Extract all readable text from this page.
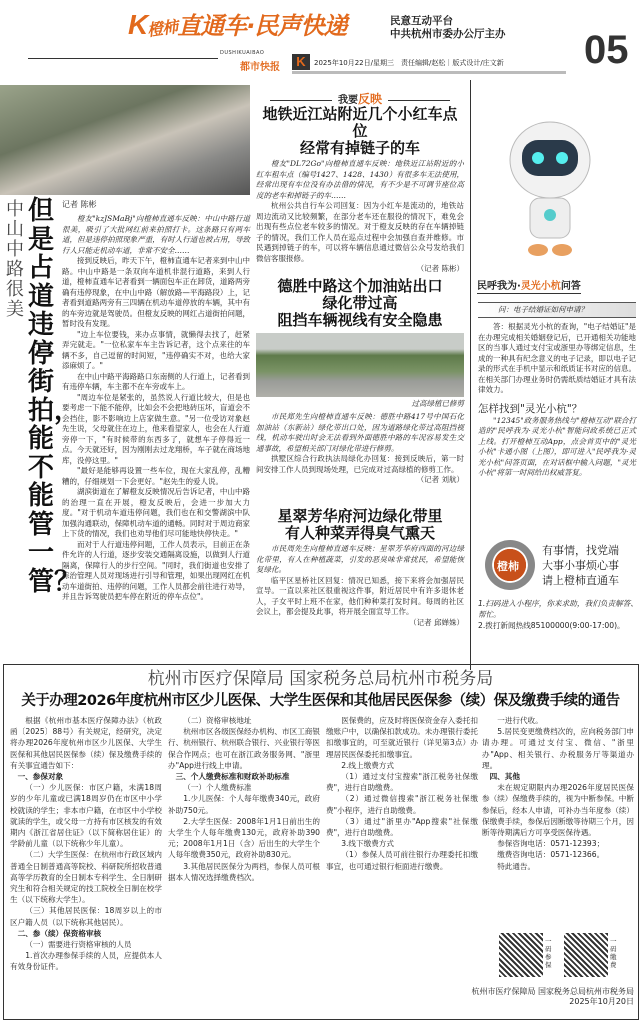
K橙柿直通车·民声快递	民意互动平台
中共杭州市委办公厅主办 05
DUSHIKUAIBAO
都市快报	K	2025年10月22日/星期三　责任编辑/赵松｜版式设计/庄文新
中山中路很美
但是占道违停街拍，能不能管一管？
记者 陈彬

橙友"kzJSMaBj"向橙柿直通车反映：中山中路行道很美，吸引了大批网红前来拍照打卡。这条路只有两车道，但是违停拍照现象严重，有时人行道也被占用，导致行人只能走机动车道，非常不安全……

接到反映后，昨天下午，橙柿直通车记者来到中山中路。中山中路是一条双向车道机非混行道路，来到人行道，橙柿直通车记者看到一辆面包车正在卸货，道路两旁确有违停现象，在中山中路（解放路—平海路段）上，记者看到道路两旁有三四辆在机动车道停放的车辆，其中有的车旁边就是驾驶员。但橙友反映的网红占道街拍问题，暂时没有发现。

"边上车位要钱，来办点事情，就懒得去找了，赶紧弄完就走。"一位私家车车主告诉记者，这个点来往的车辆不多，自己逗留的时间短，"违停确实不对，也给大家添麻烦了。"

在中山中路平海路路口东南侧的人行道上，记者看到有违停车辆，车主都不在车旁或车上。

"周边车位是紧张的，虽然说人行道比较大，但是也要考虑一下能不能停，比如会不会把地砖压坏，盲道会不会挡住，影不影响边上店家做生意。"另一位受访对象赵先生说，父母就住在边上，他来看望家人，也会在人行道旁停一下，"有时候带的东西多了，就想车子停得近一点。今天就还好，因为刚刚去过龙翔桥，车子就在商场地库，没停这里。"

"最好是能够再设置一些车位，现在大家乱停，乱糟糟的，仔细规划一下会更好。"赵先生的爱人说。

湖滨街道在了解橙友反映情况后告诉记者，中山中路的治理一直在开展，橙友反映后，会进一步加大力度。"对于机动车道违停问题，我们也在和交警湖滨中队加强沟通联动，保障机动车道的通畅。同时对于周边商家上下货的情况，我们也劝导他们尽可能地快停快走。"

而对于人行道违停问题，工作人员表示，目前正在条件允许的人行道，逐步安装交通隔离设施，以做到人行道隔离，保障行人的步行空间。"同时，我们街道也安排了综治管理人员对现场进行引导和管理，如果出现网红在机动车道街拍、违停的问题，工作人员都会前往进行劝导，并且告诉驾驶员把车停在附近的停车点位"。

我要反映
地铁近江站附近几个小红车点位
经常有掉链子的车

橙友"DL72Go"向橙柿直通车反映：地铁近江站附近的小红车租车点（编号1427、1428、1430）有很多车无法使用，经常出现有车位没有办法借的情况，有不少是不可调节座位高度的老车和掉链子的车……

杭州公共自行车公司回复：因为小红车是流动的，地铁站周边流动又比较频繁，在部分老车还在服役的情况下，难免会出现有些点位老车较多的情况。对于橙友反映的存在车辆掉链子的情况，我们工作人员在巡点过程中会加强自查并维修。市民遇到掉链子的车，可以将车辆信息通过微信公众号发给我们微信客服报修。

（记者 陈彬）
德胜中路这个加油站出口
绿化带过高
阻挡车辆视线有安全隐患
过高绿植已修剪

市民郑先生向橙柿直通车反映：德胜中路417号中国石化加油站（东新站）绿化带出口处，因为道路绿化带过高阻挡视线，机动车驶出时会无法看到外面德胜中路的车况容易发生交通事故，希望相关部门对绿化带进行修剪。

拱墅区综合行政执法局绿化办回复：接到反映后，第一时间安排工作人员到现场处理，已完成对过高绿植的修剪工作。

（记者 刘航）
星翠芳华府河边绿化带里
有人种菜弄得臭气熏天

市民周先生向橙柿直通车反映：星翠芳华府西面的河边绿化带里，有人在种植蔬菜，引发的恶臭味非常扰民，希望能恢复绿化。

临平区星桥社区回复：情况已知悉，接下来将会加强居民宣导。一直以来社区很重视这件事，附近居民中有许多退休老人，子女平时上班不在家，他们种种菜打发时间。每周的社区会议上，都会提及此事，将开展全面宣导工作。

（记者 邱婵姝）
民呼我为·灵光小杭问答
问：电子结婚证如何申请？

答：根据灵光小杭的查询，"电子结婚证"是在办理完成相关婚姻登记后，已开通相关功能地区的当事人通过支付宝或浙里办等绑定信息，生成的一种具有纪念意义的电子记录，即以电子记录的形式在手机中显示和纸质证书对应的信息。在相关部门办理业务时仍需纸质结婚证才具有法律效力。

怎样找到"灵光小杭"？

"12345"政务服务热线与"橙柿互动"联合打造的"民呼我为·灵光小杭"智能问政系统已正式上线。打开橙柿互动App，点会首页中的"灵光小杭"卡通小图（上图），即可进入"民呼我为·灵光小杭"问答页面，在对话框中输入问题，"灵光小杭"将第一时间给出权威答复。

橙柿
有事情，找党端
大事小事烦心事
请上橙柿直通车
1.扫码进入小程序，你来求助，我们负责解答、帮忙。
2.拨打新闻热线85100000(9:00-17:00)。
杭州市医疗保障局 国家税务总局杭州市税务局
关于办理2026年度杭州市区少儿医保、大学生医保和其他居民医保参（续）保及缴费手续的通告

根据《杭州市基本医疗保障办法》（杭政函〔2025〕88号）有关规定，经研究，决定将办理2026年度杭州市区少儿医保、大学生医保和其他居民医保参（续）保及缴费手续的有关事宜通告如下：

一、参保对象

（一）少儿医保：市区户籍，未满18周岁的少年儿童或已满18周岁仍在市区中小学校就读的学生；非本市户籍，在市区中小学校就读的学生，或父母一方持有市区核发的有效期内《浙江省居住证》（以下简称居住证）的学龄前儿童（以下统称少年儿童）。

（二）大学生医保：在杭州市行政区域内普通全日制普通高等院校、科研院所招收普通高等学历教育的全日制本专科学生、全日制研究生和符合相关规定的技工院校全日制在校学生（以下统称大学生）。

（三）其他居民医保：18周岁以上的市区户籍人员（以下统称其他居民）。

二、参（续）保资格审核

（一）需要进行资格审核的人员

1.首次办理参保手续的人员，应提供本人有效身份证件。

（二）资格审核地址

杭州市区各级医保经办机构、市区工商银行、杭州银行、杭州联合银行、兴业银行等医保合作网点；也可在浙江政务服务网、"浙里办"App进行线上申请。

三、个人缴费标准和财政补助标准

（一）个人缴费标准

1.少儿医保：个人每年缴费340元，政府补助750元。

2.大学生医保：2008年1月1日前出生的大学生个人每年缴费130元，政府补助390元；2008年1月1日（含）后出生的大学生个人每年缴费350元，政府补助830元。

3.其他居民医保分为两档，参保人员可根据本人情况选择缴费档次。

医保费的，应及时将医保资金存入委托扣缴账户中，以确保扣款成功。未办理银行委托扣缴事宜的，可至就近银行（详见第3点）办理居民医保委托扣缴事宜。

2.线上缴费方式

（1）通过支付宝搜索"浙江税务社保缴费"，进行自助缴费。

（2）通过微信搜索"浙江税务社保缴费"小程序，进行自助缴费。

（3）通过"浙里办"App搜索"社保缴费"，进行自助缴费。

3.线下缴费方式

（1）参保人员可前往银行办理委托扣缴事宜，也可通过银行柜面进行缴费。

一进行代收。

5.居民变更缴费档次的，应向税务部门申请办理。可通过支付宝、微信、"浙里办"App、相关银行、办税服务厅等渠道办理。

四、其他

未在规定期限内办理2026年度居民医保参（续）保缴费手续的，视为中断参保。中断参保后，经本人申请，可补办当年度参（续）保缴费手续，参保后因断缴等待期三个月，因断等待期满后方可享受医保待遇。

参保咨询电话：0571-12393；

缴费咨询电话：0571-12366。

特此通告。

一码参保
一码缴费
杭州市医疗保障局 国家税务总局杭州市税务局
2025年10月20日
